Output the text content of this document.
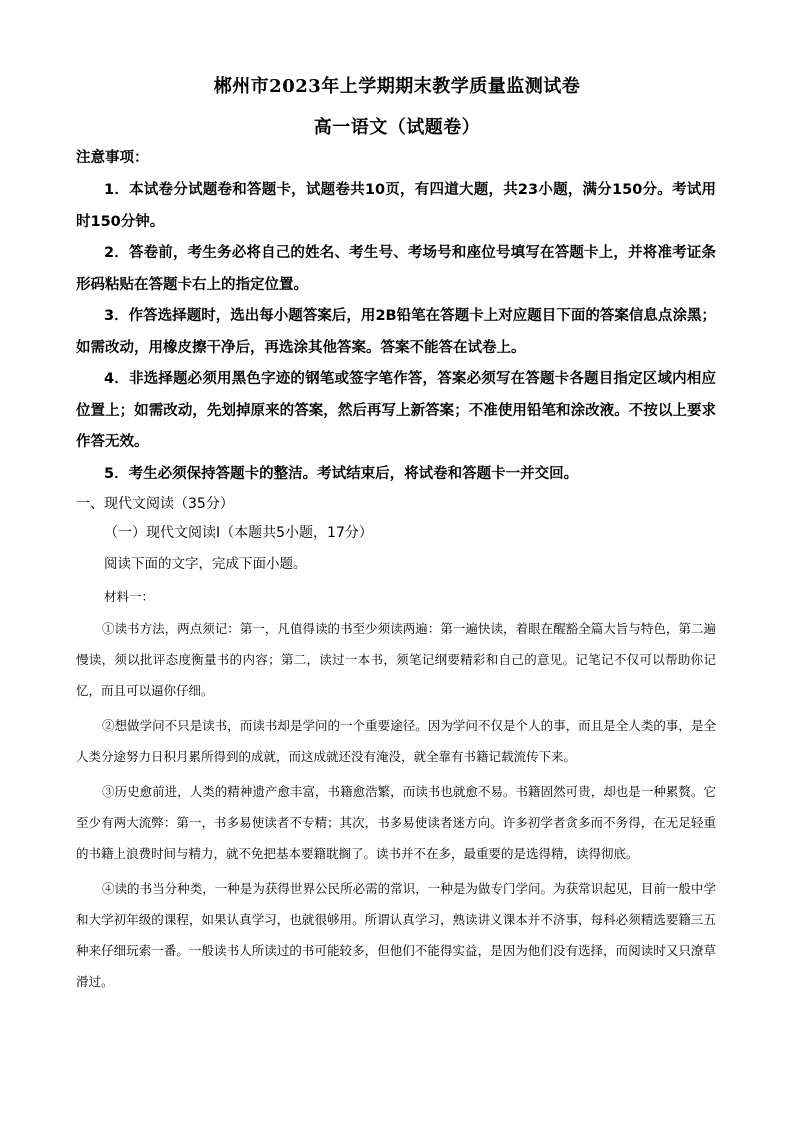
郴州市2023年上学期期末教学质量监测试卷
高一语文（试题卷）
注意事项：

1．本试卷分试题卷和答题卡，试题卷共10页，有四道大题，共23小题，满分150分。考试用时150分钟。

2．答卷前，考生务必将自己的姓名、考生号、考场号和座位号填写在答题卡上，并将准考证条形码粘贴在答题卡右上的指定位置。

3．作答选择题时，选出每小题答案后，用2B铅笔在答题卡上对应题目下面的答案信息点涂黑；如需改动，用橡皮擦干净后，再选涂其他答案。答案不能答在试卷上。

4．非选择题必须用黑色字迹的钢笔或签字笔作答，答案必须写在答题卡各题目指定区域内相应位置上；如需改动，先划掉原来的答案，然后再写上新答案；不准使用铅笔和涂改液。不按以上要求作答无效。

5．考生必须保持答题卡的整洁。考试结束后，将试卷和答题卡一并交回。

一、现代文阅读（35分）
（一）现代文阅读Ⅰ（本题共5小题，17分）
阅读下面的文字，完成下面小题。
材料一：

①读书方法，两点须记：第一，凡值得读的书至少须读两遍：第一遍快读，着眼在醒豁全篇大旨与特色，第二遍慢读，须以批评态度衡量书的内容；第二，读过一本书，须笔记纲要精彩和自己的意见。记笔记不仅可以帮助你记忆，而且可以逼你仔细。

②想做学问不只是读书，而读书却是学问的一个重要途径。因为学问不仅是个人的事，而且是全人类的事，是全人类分途努力日积月累所得到的成就，而这成就还没有淹没，就全靠有书籍记载流传下来。

③历史愈前进，人类的精神遗产愈丰富，书籍愈浩繁，而读书也就愈不易。书籍固然可贵，却也是一种累赘。它至少有两大流弊：第一，书多易使读者不专精；其次，书多易使读者迷方向。许多初学者贪多而不务得，在无足轻重的书籍上浪费时间与精力，就不免把基本要籍耽搁了。读书并不在多，最重要的是选得精，读得彻底。

④读的书当分种类，一种是为获得世界公民所必需的常识，一种是为做专门学问。为获常识起见，目前一般中学和大学初年级的课程，如果认真学习，也就很够用。所谓认真学习，熟读讲义课本并不济事，每科必须精选要籍三五种来仔细玩索一番。一般读书人所读过的书可能较多，但他们不能得实益，是因为他们没有选择，而阅读时又只潦草滑过。
